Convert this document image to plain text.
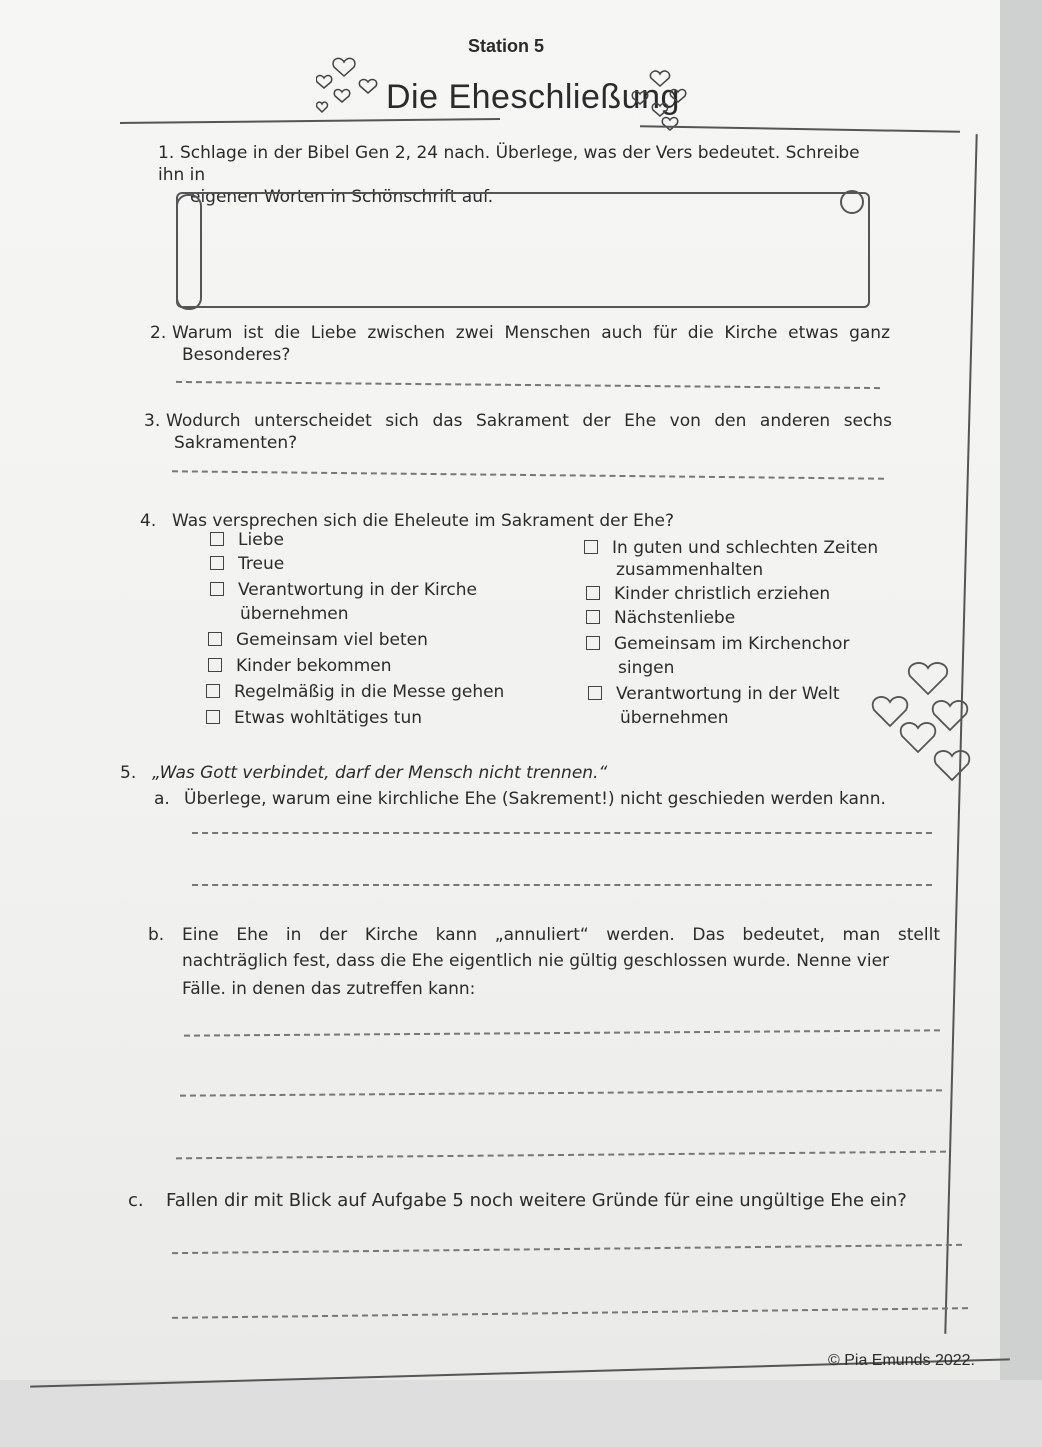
Station 5
Die Eheschließung
1. Schlage in der Bibel Gen 2, 24 nach. Überlege, was der Vers bedeutet. Schreibe ihn in
eigenen Worten in Schönschrift auf.
2. Warum ist die Liebe zwischen zwei Menschen auch für die Kirche etwas ganz
Besonderes?
3. Wodurch unterscheidet sich das Sakrament der Ehe von den anderen sechs
Sakramenten?
4. Was versprechen sich die Eheleute im Sakrament der Ehe?
Liebe
Treue
Verantwortung in der Kirche
übernehmen
Gemeinsam viel beten
Kinder bekommen
Regelmäßig in die Messe gehen
Etwas wohltätiges tun
In guten und schlechten Zeiten
zusammenhalten
Kinder christlich erziehen
Nächstenliebe
Gemeinsam im Kirchenchor
singen
Verantwortung in der Welt
übernehmen
5. „Was Gott verbindet, darf der Mensch nicht trennen.“
a. Überlege, warum eine kirchliche Ehe (Sakrement!) nicht geschieden werden kann.
b. Eine Ehe in der Kirche kann „annuliert“ werden. Das bedeutet, man stellt
nachträglich fest, dass die Ehe eigentlich nie gültig geschlossen wurde. Nenne vier
Fälle. in denen das zutreffen kann:
c. Fallen dir mit Blick auf Aufgabe 5 noch weitere Gründe für eine ungültige Ehe ein?
© Pia Emunds 2022.
